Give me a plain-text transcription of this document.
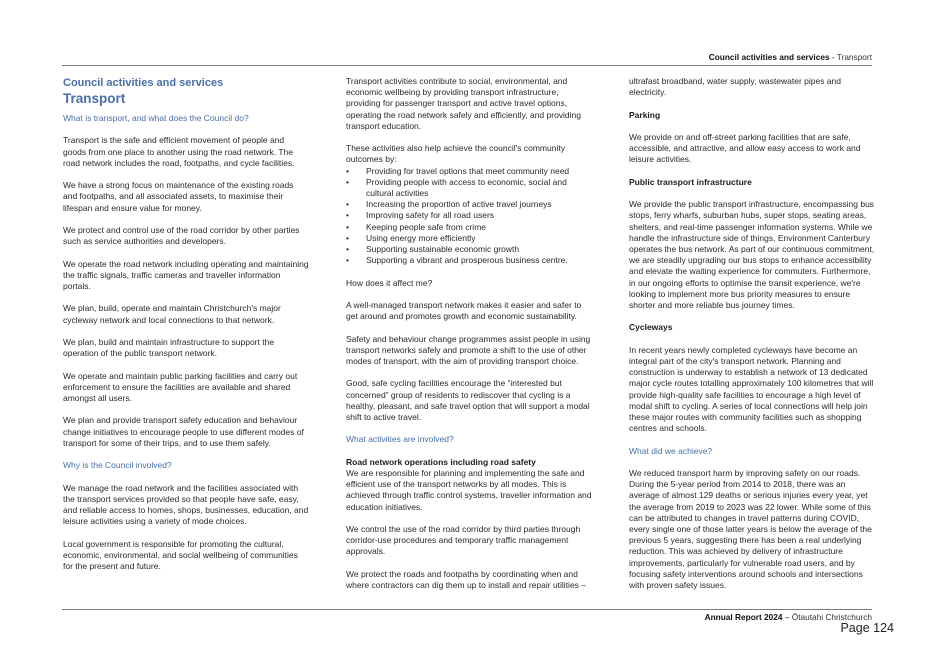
Council activities and services - Transport
Council activities and services
Transport

What is transport, and what does the Council do?

Transport is the safe and efficient movement of people and goods from one place to another using the road network. The road network includes the road, footpaths, and cycle facilities.

We have a strong focus on maintenance of the existing roads and footpaths, and all associated assets, to maximise their lifespan and ensure value for money.

We protect and control use of the road corridor by other parties such as service authorities and developers.

We operate the road network including operating and maintaining the traffic signals, traffic cameras and traveller information portals.

We plan, build, operate and maintain Christchurch's major cycleway network and local connections to that network.

We plan, build and maintain infrastructure to support the operation of the public transport network.

We operate and maintain public parking facilities and carry out enforcement to ensure the facilities are available and shared amongst all users.

We plan and provide transport safety education and behaviour change initiatives to encourage people to use different modes of transport for some of their trips, and to use them safely.

Why is the Council involved?

We manage the road network and the facilities associated with the transport services provided so that people have safe, easy, and reliable access to homes, shops, businesses, education, and leisure activities using a variety of mode choices.

Local government is responsible for promoting the cultural, economic, environmental, and social wellbeing of communities for the present and future.

Transport activities contribute to social, environmental, and economic wellbeing by providing transport infrastructure, providing for passenger transport and active travel options, operating the road network safely and efficiently, and providing transport education.

These activities also help achieve the council's community outcomes by:

• Providing for travel options that meet community need
• Providing people with access to economic, social and cultural activities
• Increasing the proportion of active travel journeys
• Improving safety for all road users
• Keeping people safe from crime
• Using energy more efficiently
• Supporting sustainable economic growth
• Supporting a vibrant and prosperous business centre.

How does it affect me?

A well-managed transport network makes it easier and safer to get around and promotes growth and economic sustainability.

Safety and behaviour change programmes assist people in using transport networks safely and promote a shift to the use of other modes of transport, with the aim of providing transport choice.

Good, safe cycling facilities encourage the “interested but concerned” group of residents to rediscover that cycling is a healthy, pleasant, and safe travel option that will support a modal shift to active travel.

What activities are involved?

Road network operations including road safety

We are responsible for planning and implementing the safe and efficient use of the transport networks by all modes. This is achieved through traffic control systems, traveller information and education initiatives.

We control the use of the road corridor by third parties through corridor-use procedures and temporary traffic management approvals.

We protect the roads and footpaths by coordinating when and where contractors can dig them up to install and repair utilities –

ultrafast broadband, water supply, wastewater pipes and electricity.

Parking

We provide on and off-street parking facilities that are safe, accessible, and attractive, and allow easy access to work and leisure activities.

Public transport infrastructure

We provide the public transport infrastructure, encompassing bus stops, ferry wharfs, suburban hubs, super stops, seating areas, shelters, and real-time passenger information systems. While we handle the infrastructure side of things, Environment Canterbury operates the bus network. As part of our continuous commitment, we are steadily upgrading our bus stops to enhance accessibility and elevate the waiting experience for commuters. Furthermore, in our ongoing efforts to optimise the transit experience, we're looking to implement more bus priority measures to ensure shorter and more reliable bus journey times.

Cycleways

In recent years newly completed cycleways have become an integral part of the city's transport network. Planning and construction is underway to establish a network of 13 dedicated major cycle routes totalling approximately 100 kilometres that will provide high-quality safe facilities to encourage a high level of modal shift to cycling. A series of local connections will help join these major routes with community facilities such as shopping centres and schools.

What did we achieve?

We reduced transport harm by improving safety on our roads. During the 5-year period from 2014 to 2018, there was an average of almost 129 deaths or serious injuries every year, yet the average from 2019 to 2023 was 22 lower. While some of this can be attributed to changes in travel patterns during COVID, every single one of those latter years is below the average of the previous 5 years, suggesting there has been a real underlying reduction. This was achieved by delivery of infrastructure improvements, particularly for vulnerable road users, and by focusing safety interventions around schools and intersections with proven safety issues.

Annual Report 2024 – Ōtautahi Christchurch
Page 124
